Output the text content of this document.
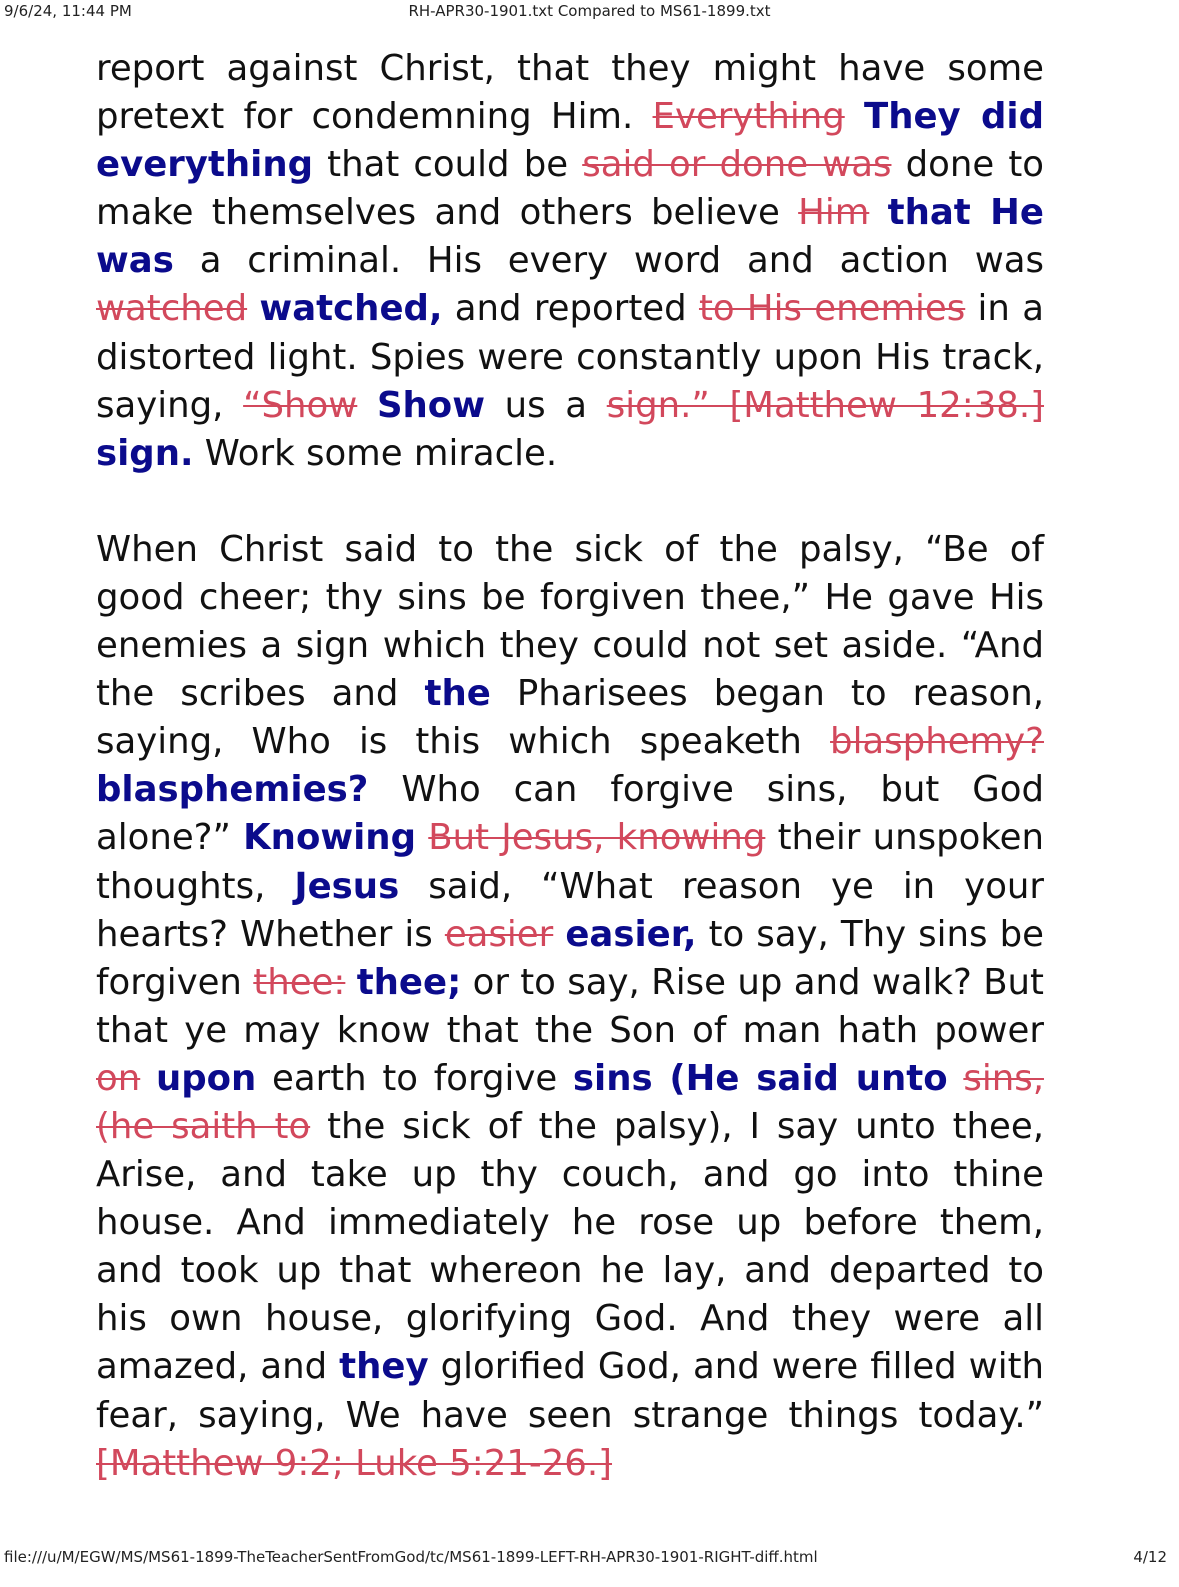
9/6/24, 11:44 PM	RH-APR30-1901.txt Compared to MS61-1899.txt

report against Christ, that they might have some pretext for condemning Him. Everything They did everything that could be said or done was done to make themselves and others believe Him that He was a criminal. His every word and action was watched watched, and reported to His enemies in a distorted light. Spies were constantly upon His track, saying, “Show Show us a sign.” [Matthew 12:38.] sign. Work some miracle.

When Christ said to the sick of the palsy, “Be of good cheer; thy sins be forgiven thee,” He gave His enemies a sign which they could not set aside. “And the scribes and the Pharisees began to reason, saying, Who is this which speaketh blasphemy? blasphemies? Who can forgive sins, but God alone?” Knowing But Jesus, knowing their unspoken thoughts, Jesus said, “What reason ye in your hearts? Whether is easier easier, to say, Thy sins be forgiven thee: thee; or to say, Rise up and walk? But that ye may know that the Son of man hath power on upon earth to forgive sins (He said unto sins, (he saith to the sick of the palsy), I say unto thee, Arise, and take up thy couch, and go into thine house. And immediately he rose up before them, and took up that whereon he lay, and departed to his own house, glorifying God. And they were all amazed, and they glorified God, and were filled with fear, saying, We have seen strange things today.” [Matthew 9:2; Luke 5:21-26.]

file:///u/M/EGW/MS/MS61-1899-TheTeacherSentFromGod/tc/MS61-1899-LEFT-RH-APR30-1901-RIGHT-diff.html	4/12
